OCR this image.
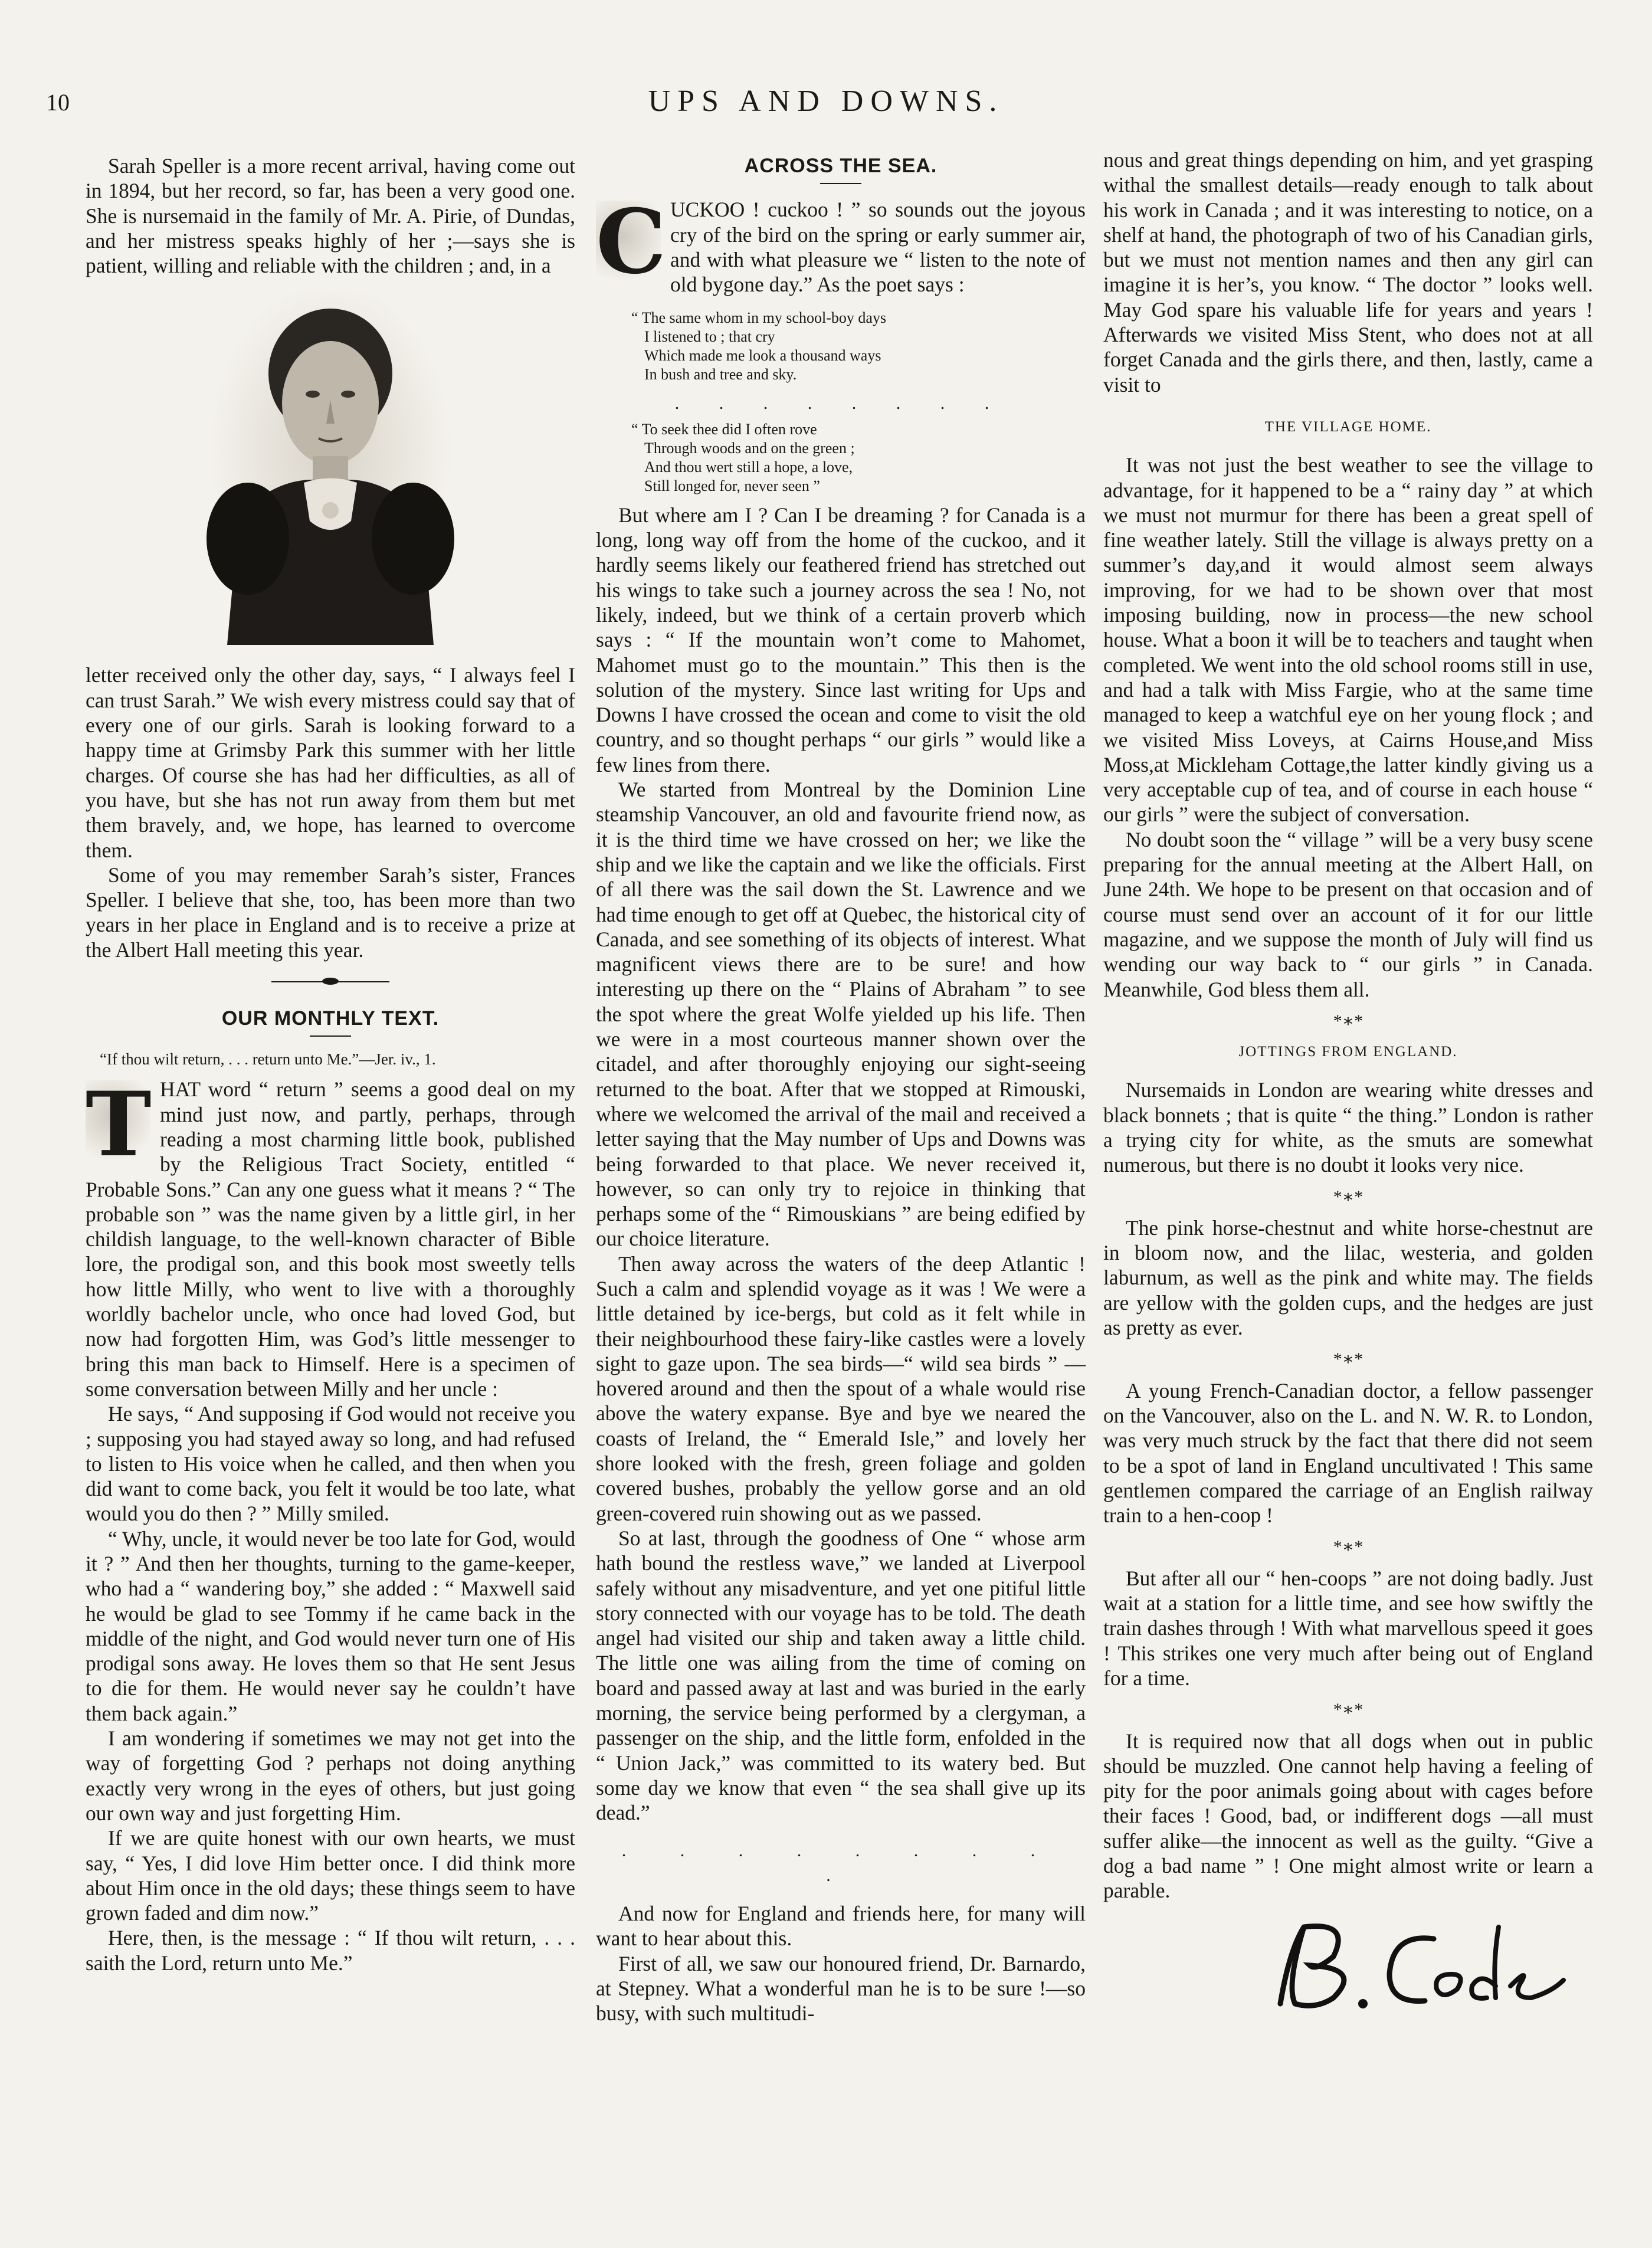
10	UPS AND DOWNS.

Sarah Speller is a more recent arrival, having come out in 1894, but her record, so far, has been a very good one. She is nursemaid in the family of Mr. A. Pirie, of Dundas, and her mistress speaks highly of her ;—says she is patient, willing and reliable with the children ; and, in a

letter received only the other day, says, “ I always feel I can trust Sarah.” We wish every mistress could say that of every one of our girls. Sarah is looking forward to a happy time at Grimsby Park this summer with her little charges. Of course she has had her difficulties, as all of you have, but she has not run away from them but met them bravely, and, we hope, has learned to overcome them.

Some of you may remember Sarah’s sister, Frances Speller. I believe that she, too, has been more than two years in her place in England and is to receive a prize at the Albert Hall meeting this year.

OUR MONTHLY TEXT.
“If thou wilt return, . . . return unto Me.”—Jer. iv., 1.
T HAT word “ return ” seems a good deal on my mind just now, and partly, perhaps, through reading a most charming little book, published by the Religious Tract Society, entitled “ Probable Sons.” Can any one guess what it means ? “ The probable son ” was the name given by a little girl, in her childish language, to the well-known character of Bible lore, the prodigal son, and this book most sweetly tells how little Milly, who went to live with a thoroughly worldly bachelor uncle, who once had loved God, but now had forgotten Him, was God’s little messenger to bring this man back to Himself. Here is a specimen of some conversation between Milly and her uncle :

He says, “ And supposing if God would not receive you ; supposing you had stayed away so long, and had refused to listen to His voice when he called, and then when you did want to come back, you felt it would be too late, what would you do then ? ” Milly smiled.

“ Why, uncle, it would never be too late for God, would it ? ” And then her thoughts, turning to the game-keeper, who had a “ wandering boy,” she added : “ Maxwell said he would be glad to see Tommy if he came back in the middle of the night, and God would never turn one of His prodigal sons away. He loves them so that He sent Jesus to die for them. He would never say he couldn’t have them back again.”

I am wondering if sometimes we may not get into the way of forgetting God ? perhaps not doing anything exactly very wrong in the eyes of others, but just going our own way and just forgetting Him.

If we are quite honest with our own hearts, we must say, “ Yes, I did love Him better once. I did think more about Him once in the old days; these things seem to have grown faded and dim now.”

Here, then, is the message : “ If thou wilt return, . . . saith the Lord, return unto Me.”

ACROSS THE SEA.
C UCKOO ! cuckoo ! ” so sounds out the joyous cry of the bird on the spring or early summer air, and with what pleasure we “ listen to the note of old bygone day.” As the poet says :

“ The same whom in my school-boy days
I listened to ; that cry
Which made me look a thousand ways
In bush and tree and sky.
. . . . . . . .
“ To seek thee did I often rove
Through woods and on the green ;
And thou wert still a hope, a love,
Still longed for, never seen ”

But where am I ? Can I be dreaming ? for Canada is a long, long way off from the home of the cuckoo, and it hardly seems likely our feathered friend has stretched out his wings to take such a journey across the sea ! No, not likely, indeed, but we think of a certain proverb which says : “ If the mountain won’t come to Mahomet, Mahomet must go to the mountain.” This then is the solution of the mystery. Since last writing for Ups and Downs I have crossed the ocean and come to visit the old country, and so thought perhaps “ our girls ” would like a few lines from there.

We started from Montreal by the Dominion Line steamship Vancouver, an old and favourite friend now, as it is the third time we have crossed on her; we like the ship and we like the captain and we like the officials. First of all there was the sail down the St. Lawrence and we had time enough to get off at Quebec, the historical city of Canada, and see something of its objects of interest. What magnificent views there are to be sure! and how interesting up there on the “ Plains of Abraham ” to see the spot where the great Wolfe yielded up his life. Then we were in a most courteous manner shown over the citadel, and after thoroughly enjoying our sight-seeing returned to the boat. After that we stopped at Rimouski, where we welcomed the arrival of the mail and received a letter saying that the May number of Ups and Downs was being forwarded to that place. We never received it, however, so can only try to rejoice in thinking that perhaps some of the “ Rimouskians ” are being edified by our choice literature.

Then away across the waters of the deep Atlantic ! Such a calm and splendid voyage as it was ! We were a little detained by ice-bergs, but cold as it felt while in their neighbourhood these fairy-like castles were a lovely sight to gaze upon. The sea birds—“ wild sea birds ” —hovered around and then the spout of a whale would rise above the watery expanse. Bye and bye we neared the coasts of Ireland, the “ Emerald Isle,” and lovely her shore looked with the fresh, green foliage and golden covered bushes, probably the yellow gorse and an old green-covered ruin showing out as we passed.

So at last, through the goodness of One “ whose arm hath bound the restless wave,” we landed at Liverpool safely without any misadventure, and yet one pitiful little story connected with our voyage has to be told. The death angel had visited our ship and taken away a little child. The little one was ailing from the time of coming on board and passed away at last and was buried in the early morning, the service being performed by a clergyman, a passenger on the ship, and the little form, enfolded in the “ Union Jack,” was committed to its watery bed. But some day we know that even “ the sea shall give up its dead.”

. . . . . . . . .

And now for England and friends here, for many will want to hear about this.

First of all, we saw our honoured friend, Dr. Barnardo, at Stepney. What a wonderful man he is to be sure !—so busy, with such multitudi-

nous and great things depending on him, and yet grasping withal the smallest details—ready enough to talk about his work in Canada ; and it was interesting to notice, on a shelf at hand, the photograph of two of his Canadian girls, but we must not mention names and then any girl can imagine it is her’s, you know. “ The doctor ” looks well. May God spare his valuable life for years and years ! Afterwards we visited Miss Stent, who does not at all forget Canada and the girls there, and then, lastly, came a visit to

THE VILLAGE HOME.

It was not just the best weather to see the village to advantage, for it happened to be a “ rainy day ” at which we must not murmur for there has been a great spell of fine weather lately. Still the village is always pretty on a summer’s day,and it would almost seem always improving, for we had to be shown over that most imposing building, now in process—the new school house. What a boon it will be to teachers and taught when completed. We went into the old school rooms still in use, and had a talk with Miss Fargie, who at the same time managed to keep a watchful eye on her young flock ; and we visited Miss Loveys, at Cairns House,and Miss Moss,at Mickleham Cottage,the latter kindly giving us a very acceptable cup of tea, and of course in each house “ our girls ” were the subject of conversation.

No doubt soon the “ village ” will be a very busy scene preparing for the annual meeting at the Albert Hall, on June 24th. We hope to be present on that occasion and of course must send over an account of it for our little magazine, and we suppose the month of July will find us wending our way back to “ our girls ” in Canada. Meanwhile, God bless them all.

*∗*
JOTTINGS FROM ENGLAND.

Nursemaids in London are wearing white dresses and black bonnets ; that is quite “ the thing.” London is rather a trying city for white, as the smuts are somewhat numerous, but there is no doubt it looks very nice.

*∗*

The pink horse-chestnut and white horse-chestnut are in bloom now, and the lilac, westeria, and golden laburnum, as well as the pink and white may. The fields are yellow with the golden cups, and the hedges are just as pretty as ever.

*∗*

A young French-Canadian doctor, a fellow passenger on the Vancouver, also on the L. and N. W. R. to London, was very much struck by the fact that there did not seem to be a spot of land in England uncultivated ! This same gentlemen compared the carriage of an English railway train to a hen-coop !

*∗*

But after all our “ hen-coops ” are not doing badly. Just wait at a station for a little time, and see how swiftly the train dashes through ! With what marvellous speed it goes ! This strikes one very much after being out of England for a time.

*∗*

It is required now that all dogs when out in public should be muzzled. One cannot help having a feeling of pity for the poor animals going about with cages before their faces ! Good, bad, or indifferent dogs —all must suffer alike—the innocent as well as the guilty. “Give a dog a bad name ” ! One might almost write or learn a parable.
